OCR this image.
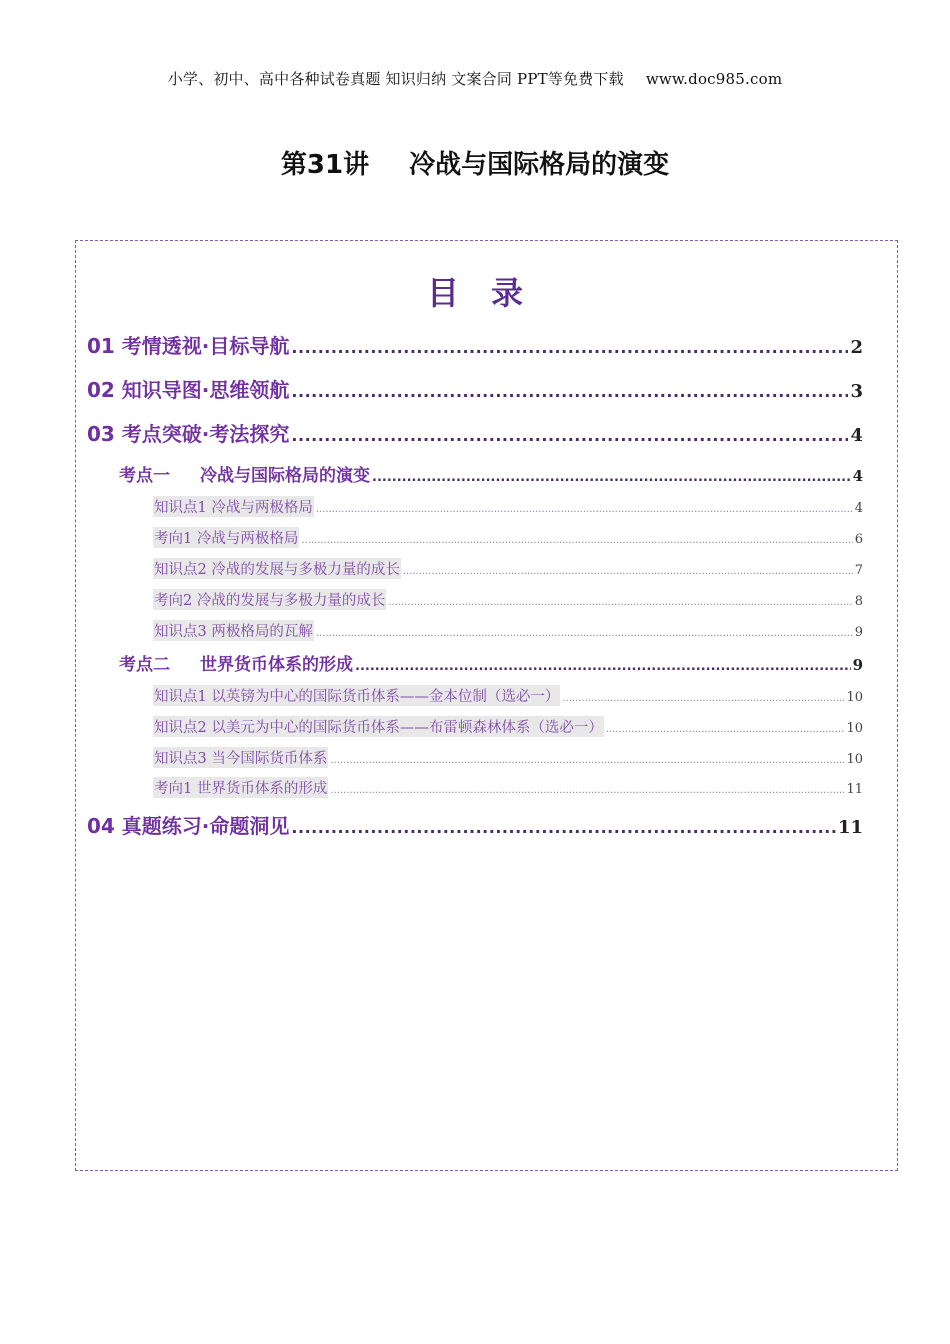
小学、初中、高中各种试卷真题 知识归纳 文案合同 PPT等免费下载 www.doc985.com
第31讲 冷战与国际格局的演变
目 录
01 考情透视·目标导航 .....	2
02 知识导图·思维领航 .....	3
03 考点突破·考法探究 .....	4
考点一 冷战与国际格局的演变 .....	4
知识点1 冷战与两极格局 .....	4
考向1 冷战与两极格局 .....	6
知识点2 冷战的发展与多极力量的成长 .....	7
考向2 冷战的发展与多极力量的成长 .....	8
知识点3 两极格局的瓦解 .....	9
考点二 世界货币体系的形成 .....	9
知识点1 以英镑为中心的国际货币体系——金本位制（选必一） .....	10
知识点2 以美元为中心的国际货币体系——布雷顿森林体系（选必一） .....	10
知识点3 当今国际货币体系 .....	10
考向1 世界货币体系的形成 .....	11
04 真题练习·命题洞见 .....	11
